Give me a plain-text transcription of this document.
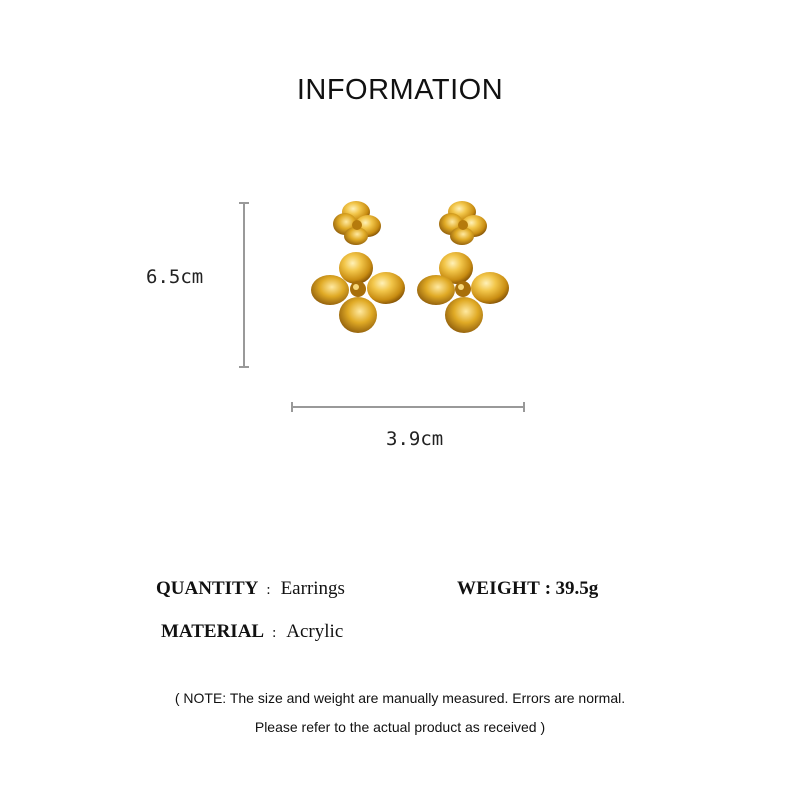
INFORMATION
6.5cm
3.9cm
QUANTITY : Earrings
MATERIAL : Acrylic
WEIGHT : 39.5g
( NOTE: The size and weight are manually measured. Errors are normal.
Please refer to the actual product as received )
